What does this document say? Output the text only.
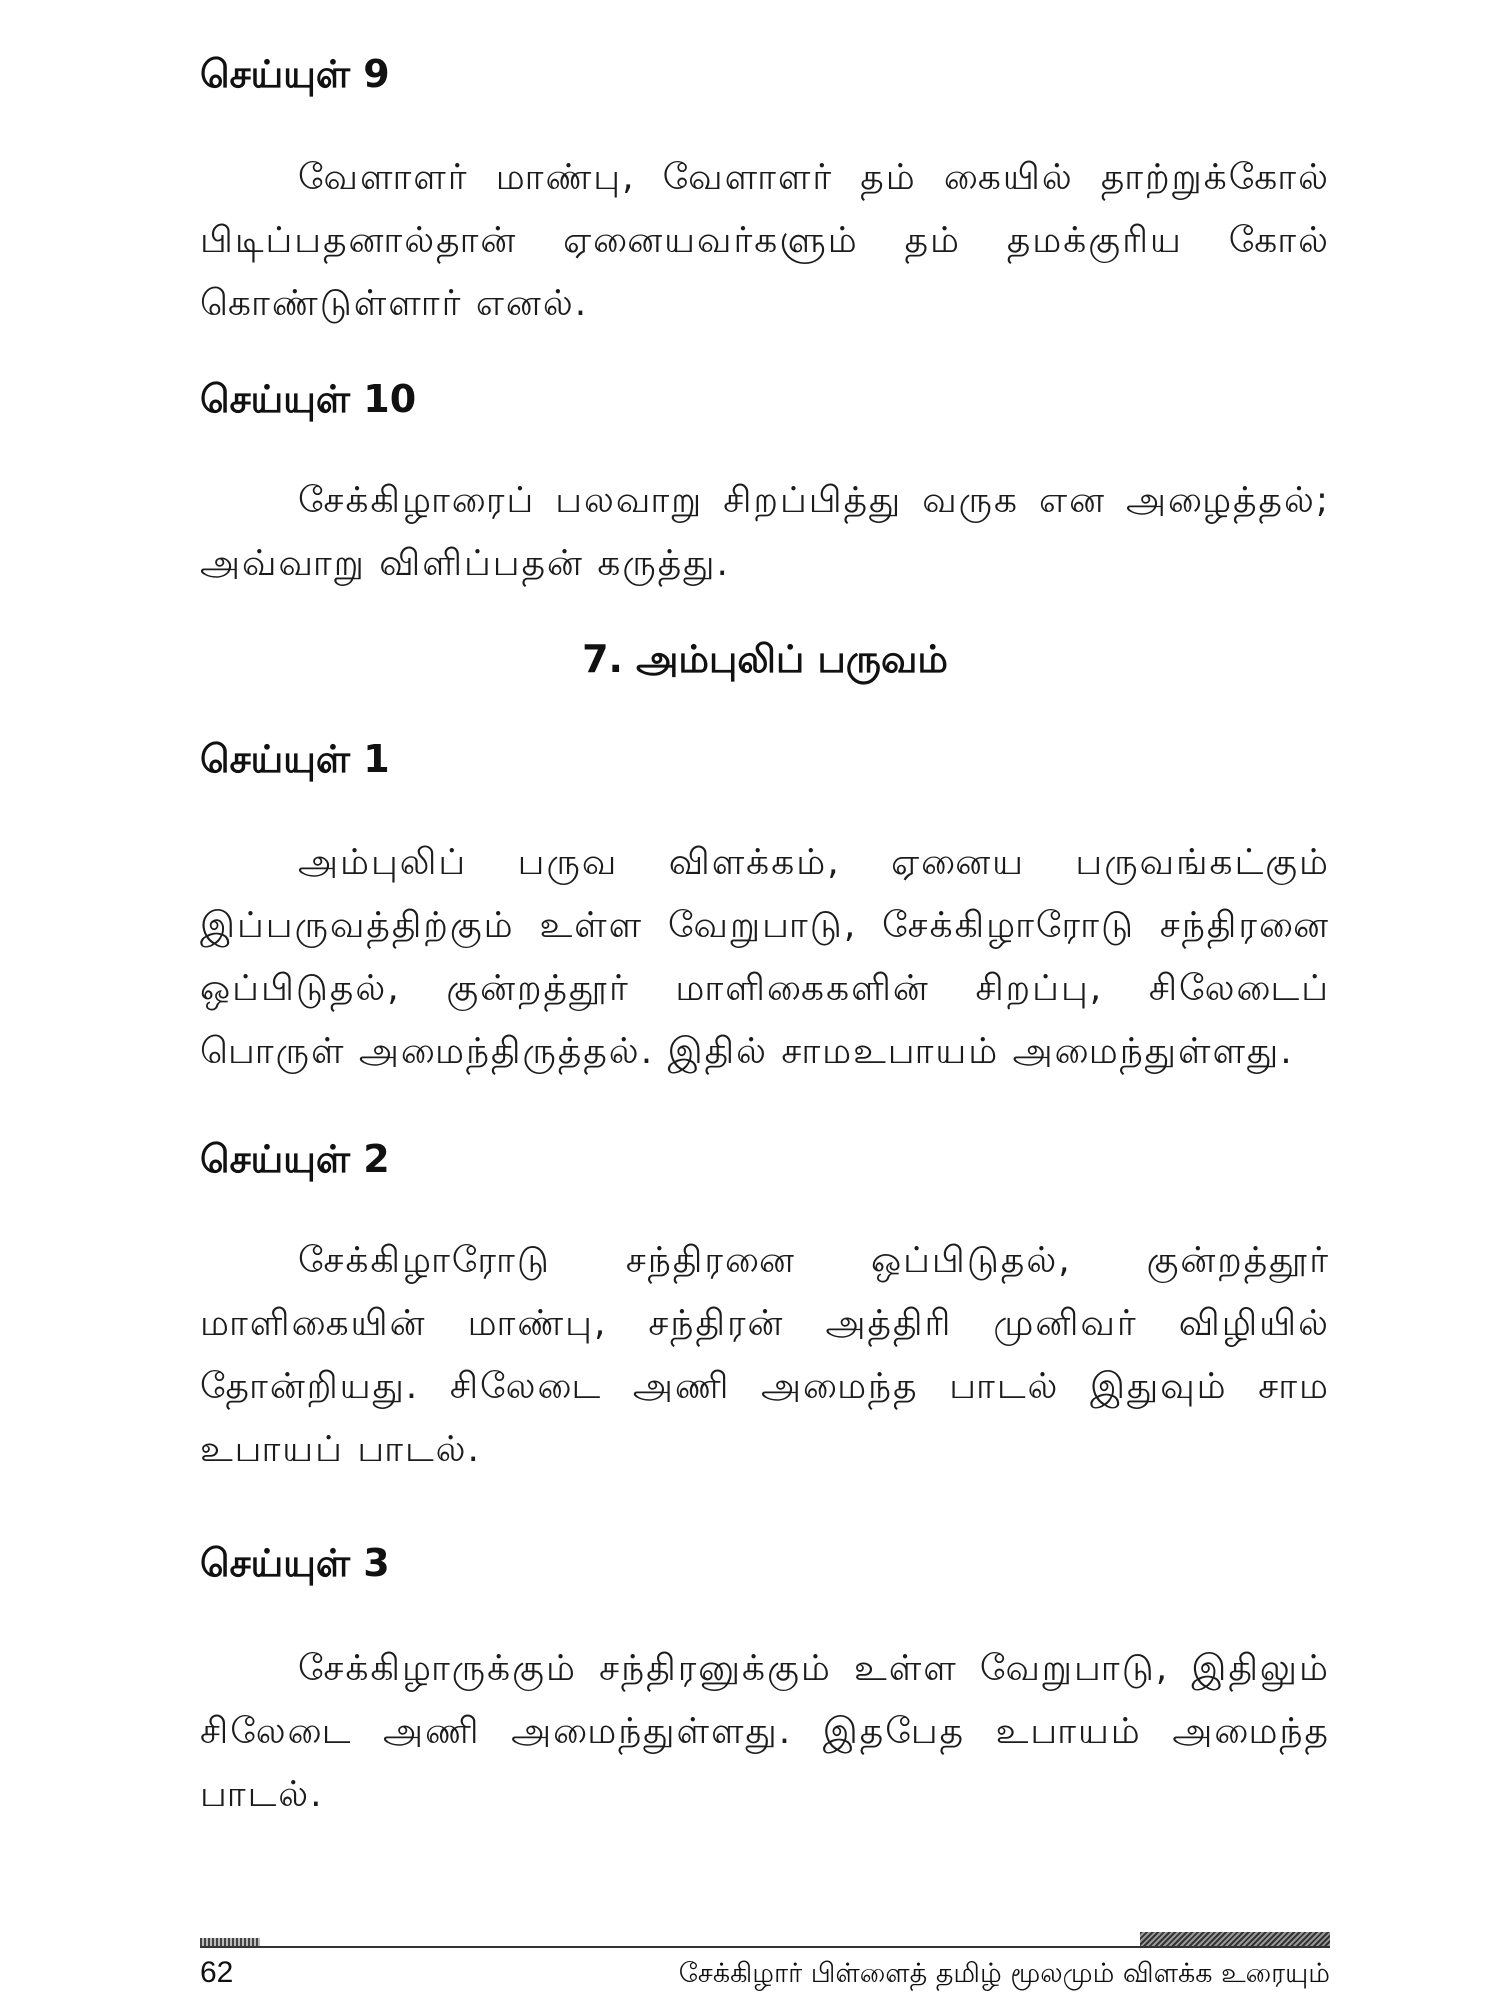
செய்யுள் 9

வேளாளர் மாண்பு, வேளாளர் தம் கையில் தாற்றுக்கோல் பிடிப்பதனால்தான் ஏனையவர்களும் தம் தமக்குரிய கோல் கொண்டுள்ளார் எனல்.

செய்யுள் 10

சேக்கிழாரைப் பலவாறு சிறப்பித்து வருக என அழைத்தல்; அவ்வாறு விளிப்பதன் கருத்து.

7. அம்புலிப் பருவம்
செய்யுள் 1

அம்புலிப் பருவ விளக்கம், ஏனைய பருவங்கட்கும் இப்பருவத்திற்கும் உள்ள வேறுபாடு, சேக்கிழாரோடு சந்திரனை ஒப்பிடுதல், குன்றத்தூர் மாளிகைகளின் சிறப்பு, சிலேடைப் பொருள் அமைந்திருத்தல். இதில் சாமஉபாயம் அமைந்துள்ளது.

செய்யுள் 2

சேக்கிழாரோடு சந்திரனை ஒப்பிடுதல், குன்றத்தூர் மாளிகையின் மாண்பு, சந்திரன் அத்திரி முனிவர் விழியில் தோன்றியது. சிலேடை அணி அமைந்த பாடல் இதுவும் சாம உபாயப் பாடல்.

செய்யுள் 3

சேக்கிழாருக்கும் சந்திரனுக்கும் உள்ள வேறுபாடு, இதிலும் சிலேடை அணி அமைந்துள்ளது. இதபேத உபாயம் அமைந்த பாடல்.

62	சேக்கிழார் பிள்ளைத் தமிழ் மூலமும் விளக்க உரையும்
